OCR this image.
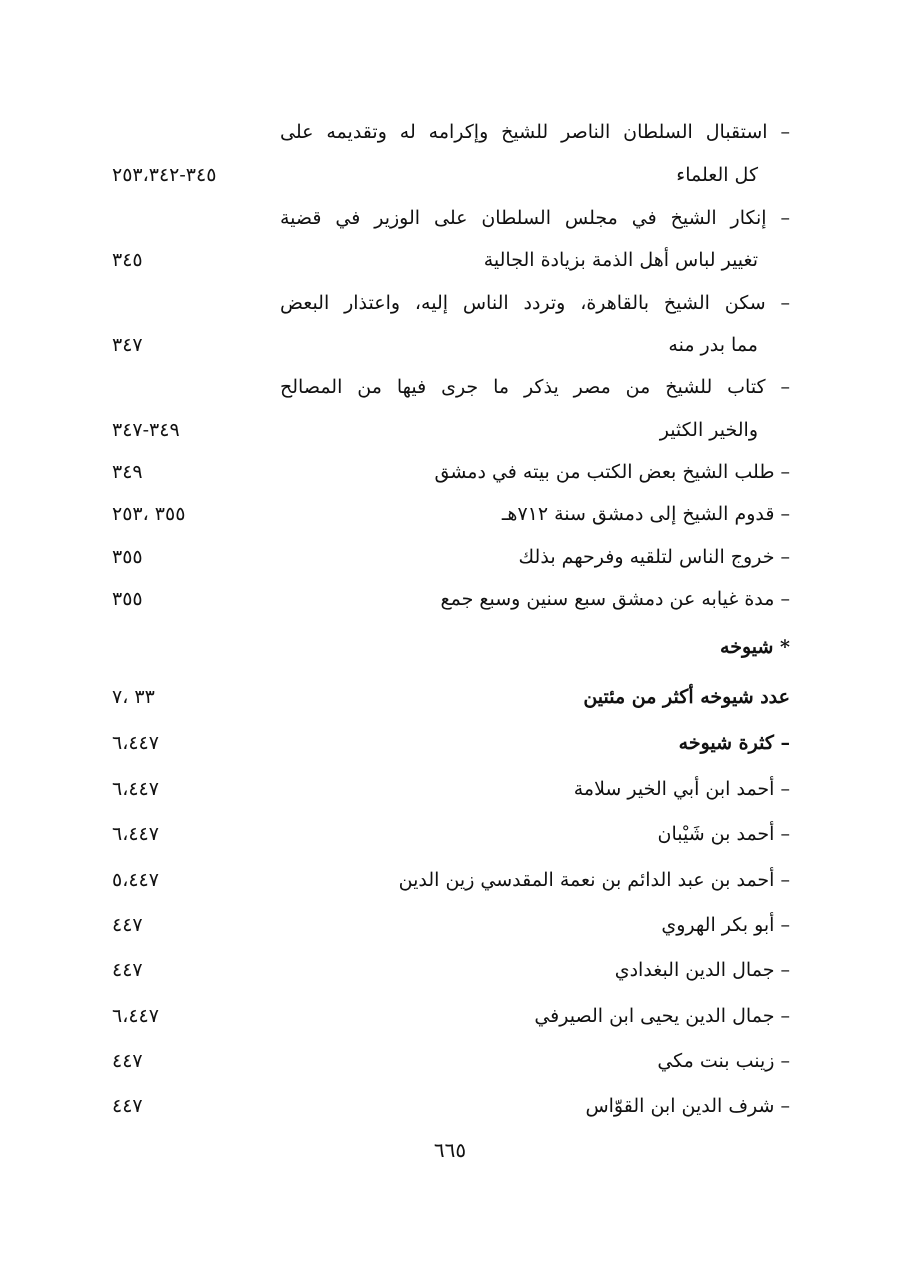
– استقبال السلطان الناصر للشيخ وإكرامه له وتقديمه على
كل العلماء
٣٤٥-٢٥٣،٣٤٢
– إنكار الشيخ في مجلس السلطان على الوزير في قضية
تغيير لباس أهل الذمة بزيادة الجالية
٣٤٥
– سكن الشيخ بالقاهرة، وتردد الناس إليه، واعتذار البعض
مما بدر منه
٣٤٧
– كتاب للشيخ من مصر يذكر ما جرى فيها من المصالح
والخير الكثير
٣٤٩-٣٤٧
– طلب الشيخ بعض الكتب من بيته في دمشق
٣٤٩
– قدوم الشيخ إلى دمشق سنة ٧١٢هـ
٣٥٥ ،٢٥٣
– خروج الناس لتلقيه وفرحهم بذلك
٣٥٥
– مدة غيابه عن دمشق سبع سنين وسبع جمع
٣٥٥
* شيوخه
عدد شيوخه أكثر من مئتين
٣٣ ،٧
– كثرة شيوخه
٦،٤٤٧
– أحمد ابن أبي الخير سلامة
٦،٤٤٧
– أحمد بن شَيْبان
٦،٤٤٧
– أحمد بن عبد الدائم بن نعمة المقدسي زين الدين
٥،٤٤٧
– أبو بكر الهروي
٤٤٧
– جمال الدين البغدادي
٤٤٧
– جمال الدين يحيى ابن الصيرفي
٦،٤٤٧
– زينب بنت مكي
٤٤٧
– شرف الدين ابن القوّاس
٤٤٧
٦٦٥
